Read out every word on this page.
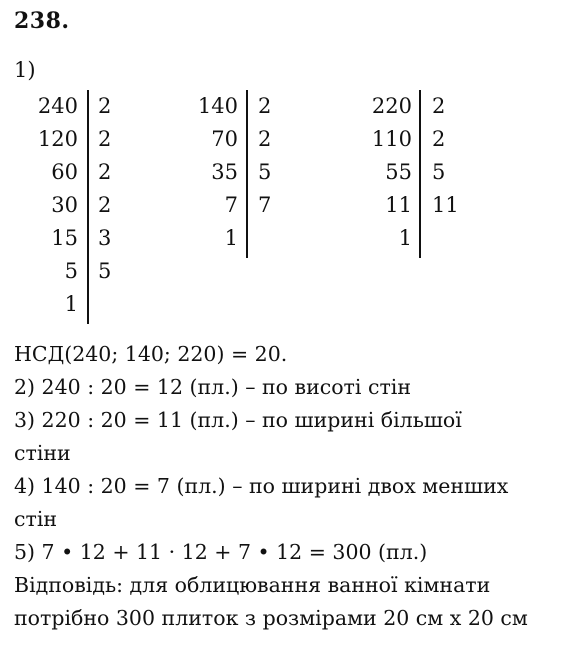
238.
1)
240 2
120 2
60 2
30 2
15 3
5 5
1
140 2
70 2
35 5
7 7
1
220 2
110 2
55 5
11 11
1
НСД(240; 140; 220) = 20.
2) 240 : 20 = 12 (пл.) – по висоті стін
3) 220 : 20 = 11 (пл.) – по ширині більшої
стіни
4) 140 : 20 = 7 (пл.) – по ширині двох менших
стін
5) 7 • 12 + 11 · 12 + 7 • 12 = 300 (пл.)
Відповідь: для облицювання ванної кімнати
потрібно 300 плиток з розмірами 20 см х 20 см
